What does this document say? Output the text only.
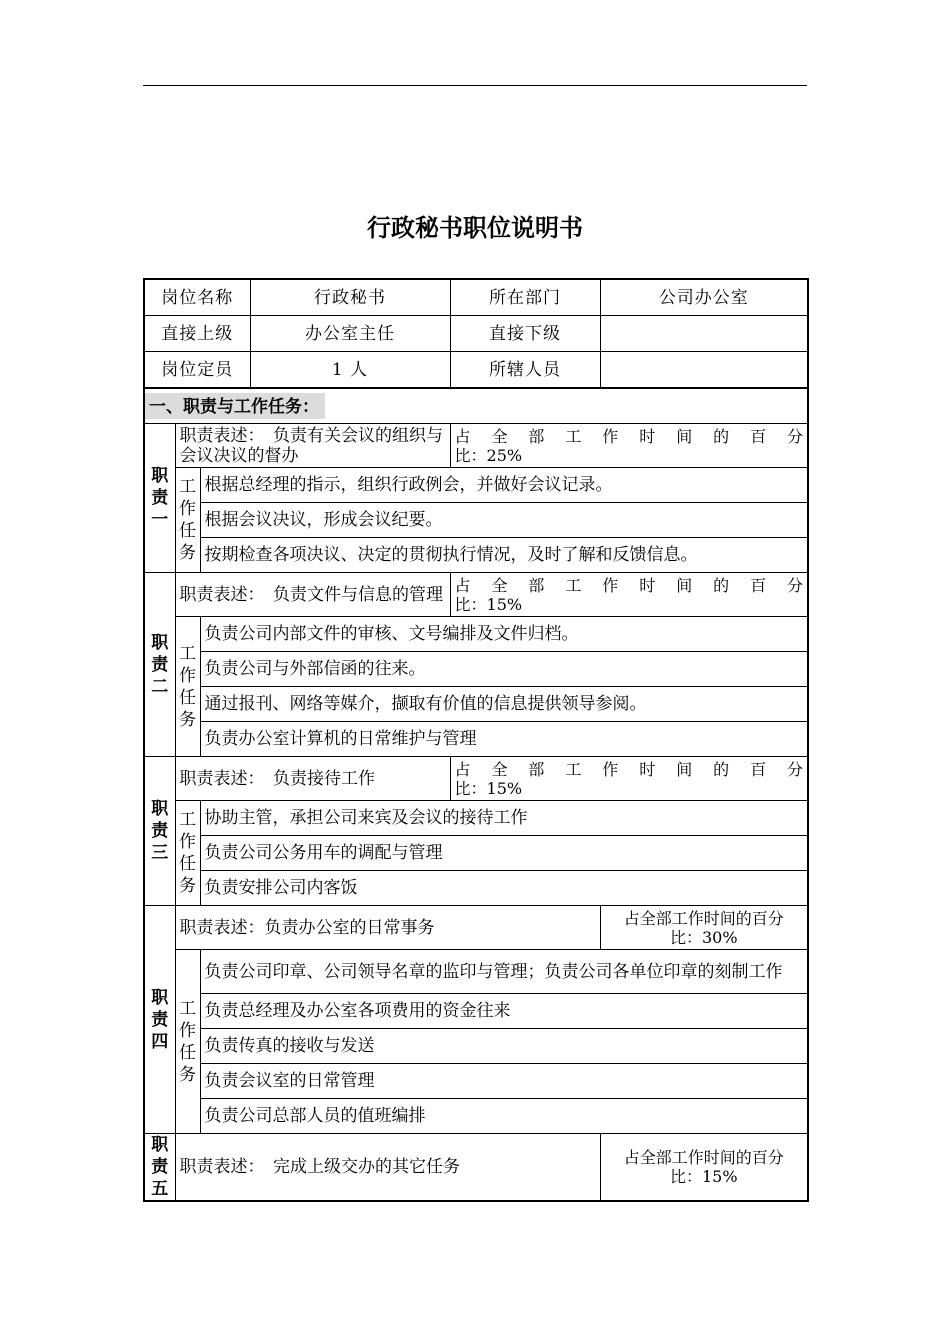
行政秘书职位说明书
岗位名称			行政秘书	所在部门	公司办公室
直接上级			办公室主任	直接下级	
岗位定员			1 人	所辖人员	
一、职责与工作任务：					

职
责
一	职责表述：　负责有关会议的组织与会议决议的督办			占全部工作时间的百分
比：25%	

	工
作
任
务	根据总经理的指示，组织行政例会，并做好会议记录。			
		根据会议决议，形成会议纪要。			
		按期检查各项决议、决定的贯彻执行情况，及时了解和反馈信息。			

职
责
二	职责表述：　负责文件与信息的管理			占全部工作时间的百分
比：15%	

	工
作
任
务	负责公司内部文件的审核、文号编排及文件归档。			
		负责公司与外部信函的往来。			
		通过报刊、网络等媒介，撷取有价值的信息提供领导参阅。			
		负责办公室计算机的日常维护与管理			

职
责
三	职责表述：　负责接待工作			占全部工作时间的百分
比：15%	

	工
作
任
务	协助主管，承担公司来宾及会议的接待工作			
		负责公司公务用车的调配与管理			
		负责安排公司内客饭			

职
责
四	职责表述：负责办公室的日常事务				占全部工作时间的百分
比：30%

	工
作
任
务	负责公司印章、公司领导名章的监印与管理；负责公司各单位印章的刻制工作			
		负责总经理及办公室各项费用的资金往来			
		负责传真的接收与发送			
		负责会议室的日常管理			
		负责公司总部人员的值班编排			

职
责
五	职责表述：　完成上级交办的其它任务				占全部工作时间的百分
比：15%
